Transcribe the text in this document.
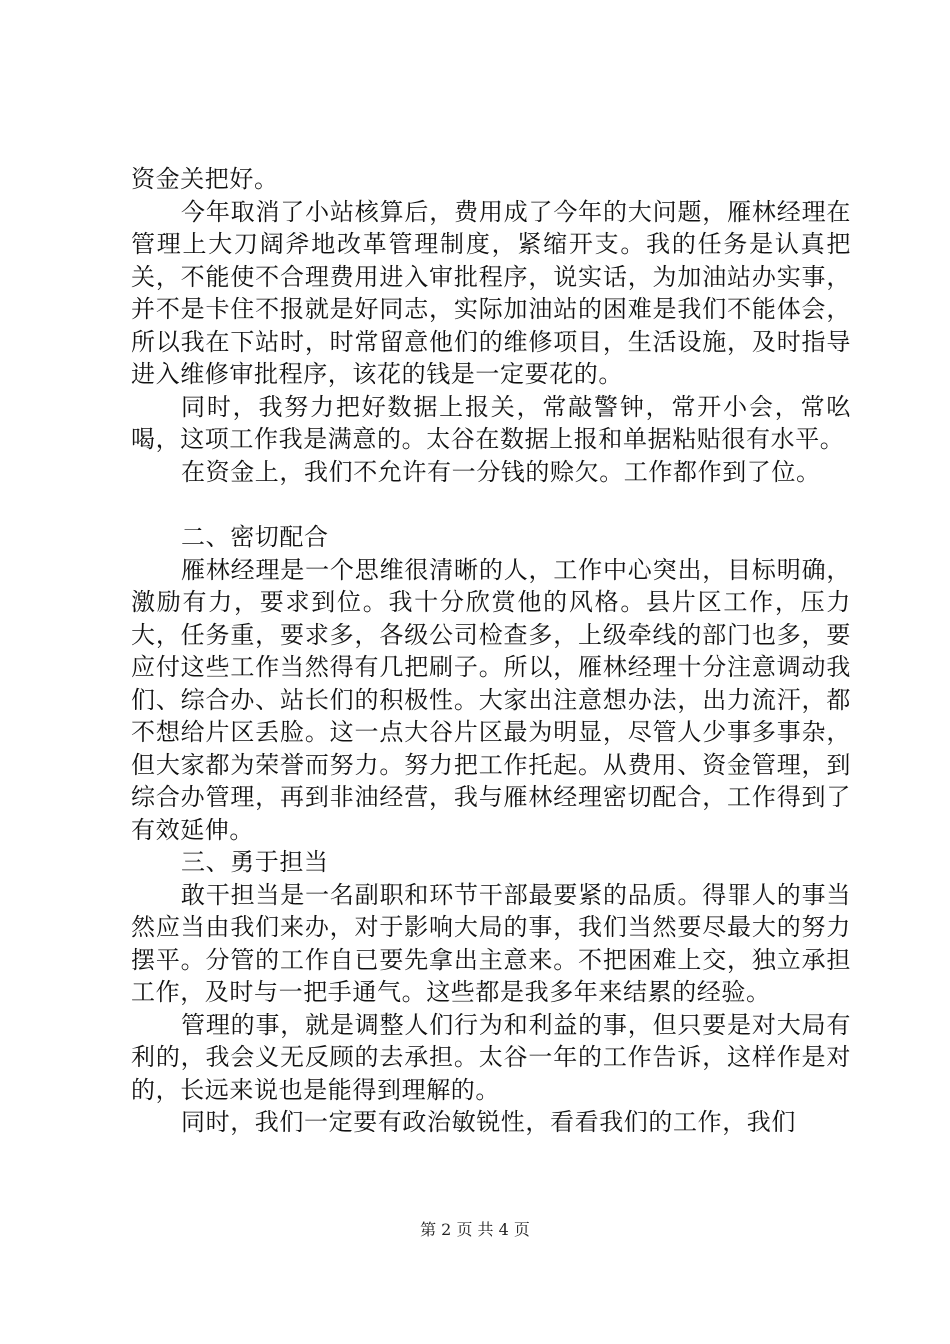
资金关把好。

今年取消了小站核算后，费用成了今年的大问题，雁林经理在管理上大刀阔斧地改革管理制度，紧缩开支。我的任务是认真把关，不能使不合理费用进入审批程序，说实话，为加油站办实事，并不是卡住不报就是好同志，实际加油站的困难是我们不能体会，所以我在下站时，时常留意他们的维修项目，生活设施，及时指导进入维修审批程序，该花的钱是一定要花的。

同时，我努力把好数据上报关，常敲警钟，常开小会，常吆喝，这项工作我是满意的。太谷在数据上报和单据粘贴很有水平。

在资金上，我们不允许有一分钱的赊欠。工作都作到了位。

二、密切配合

雁林经理是一个思维很清晰的人，工作中心突出，目标明确，激励有力，要求到位。我十分欣赏他的风格。县片区工作，压力大，任务重，要求多，各级公司检查多，上级牵线的部门也多，要应付这些工作当然得有几把刷子。所以，雁林经理十分注意调动我们、综合办、站长们的积极性。大家出注意想办法，出力流汗，都不想给片区丢脸。这一点大谷片区最为明显，尽管人少事多事杂，但大家都为荣誉而努力。努力把工作托起。从费用、资金管理，到综合办管理，再到非油经营，我与雁林经理密切配合，工作得到了有效延伸。

三、勇于担当

敢干担当是一名副职和环节干部最要紧的品质。得罪人的事当然应当由我们来办，对于影响大局的事，我们当然要尽最大的努力摆平。分管的工作自已要先拿出主意来。不把困难上交，独立承担工作，及时与一把手通气。这些都是我多年来结累的经验。

管理的事，就是调整人们行为和利益的事，但只要是对大局有利的，我会义无反顾的去承担。太谷一年的工作告诉，这样作是对的，长远来说也是能得到理解的。

同时，我们一定要有政治敏锐性，看看我们的工作，我们

第 2 页 共 4 页
